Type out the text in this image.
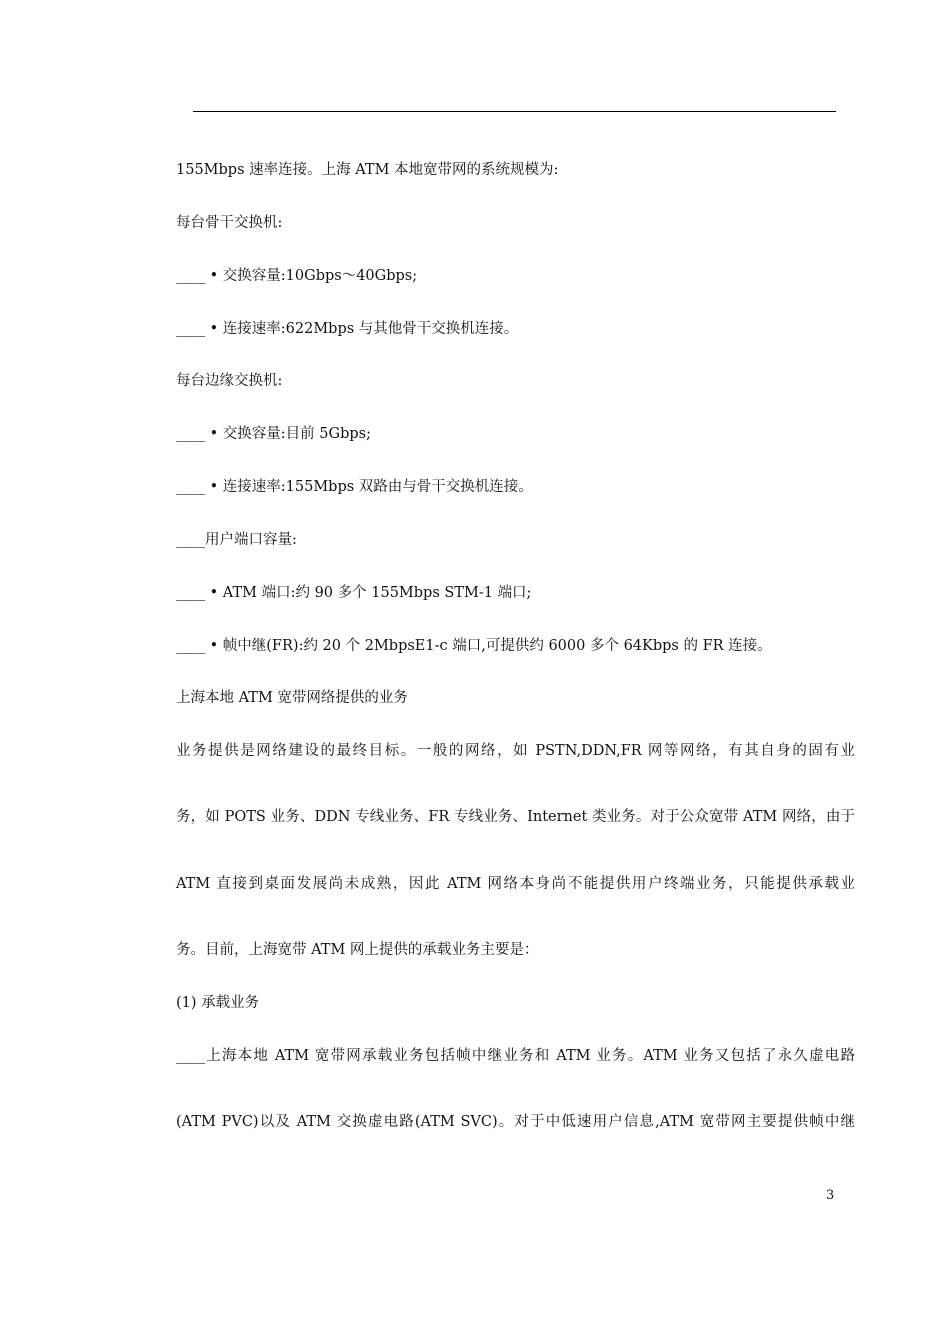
155Mbps 速率连接。上海 ATM 本地宽带网的系统规模为:
每台骨干交换机:
____ • 交换容量:10Gbps～40Gbps;
____ • 连接速率:622Mbps 与其他骨干交换机连接。
每台边缘交换机:
____ • 交换容量:目前 5Gbps;
____ • 连接速率:155Mbps 双路由与骨干交换机连接。
____用户端口容量:
____ • ATM 端口:约 90 多个 155Mbps STM-1 端口;
____ • 帧中继(FR):约 20 个 2MbpsE1-c 端口,可提供约 6000 多个 64Kbps 的 FR 连接。
上海本地 ATM 宽带网络提供的业务
业务提供是网络建设的最终目标。一般的网络，如 PSTN,DDN,FR 网等网络，有其自身的固有业
务，如 POTS 业务、DDN 专线业务、FR 专线业务、Internet 类业务。对于公众宽带 ATM 网络，由于
ATM 直接到桌面发展尚未成熟，因此 ATM 网络本身尚不能提供用户终端业务，只能提供承载业
务。目前，上海宽带 ATM 网上提供的承载业务主要是：
(1) 承载业务
____上海本地 ATM 宽带网承载业务包括帧中继业务和 ATM 业务。ATM 业务又包括了永久虚电路
(ATM PVC)以及 ATM 交换虚电路(ATM SVC)。对于中低速用户信息,ATM 宽带网主要提供帧中继
3
